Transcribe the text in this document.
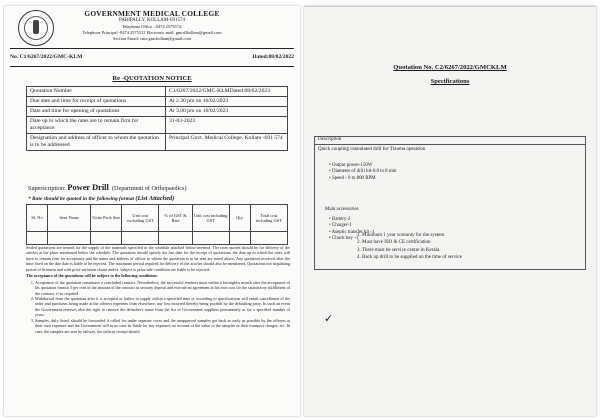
GOVERNMENT MEDICAL COLLEGE
PARIPALLY, KOLLAM-691574
Telephone Office : 0474 2575574,
Telephone Principal -0474 2575312 Electronic mail: gmcdlkollam@gmail.com
Section Email: cme.gmckollam@gmail.com
No. C1/6267/2022/GMC-KLM	Dated:08/02/2022
Re -QUOTATION NOTICE
Quotation Number	C1/6267/2022/GMC-KLMDated:08/02/2023
Due date and time for receipt of quotations	At 2.30 pm on 16/02/2023
Date and time for opening of quotations	At 3.00 pm on 16/02/2023
Date up to which the rates are to remain firm for acceptance	31-03-2023
Designation and address of officer to whom the quotation is to be addressed	Principal Govt. Medical College, Kollam -691 574
Superscription: Power Drill (Department of Orthopaedics)
* Rate should be quoted in the following format (List Attached)
Sl. No	Item Name	Unite Pack Size	Unit cost excluding GST	% of GST & Rate	Unit cost including GST	Qty.	Total cost including GST

Sealed quotations are invited for the supply of the materials specified in the schedule attached below/overleaf. The rates quoted should be for delivery of the articles at the place mentioned below the schedule. The quotation should specify the last date for the receipt of quotations, the date up to which the rates will have to remain firm for acceptance and the name and address of officer to whom the quotation is to be sent are noted above. Any quotation received after the time fixed on the due date is liable to be rejected. The maximum period required for delivery of the articles should also be mentioned. Quotations not stipulating period of firmness and with price variation clause and/or 'subject to prior sale' condition are liable to be rejected.

The acceptance of the quotations will be subject to the following conditions:

1. Acceptance of the quotation constitutes a concluded contract. Nevertheless, the successful tenderer must within a fortnight/a month after the acceptance of his quotation furnish 5 per cent of the amount of the contract as security deposit and execute an agreement at his own cost for the satisfactory fulfillment of the contract, if so required.
2. Withdrawal from the quotation after it is accepted or failure to supply within a specified time or according to specifications will entail cancellation of the order and purchases being made at the offerers expenses from elsewhere, any loss incurred thereby being payable by the defaulting party. In such an event the Government reserves also the right to remove the defaulter's name from the list of Government suppliers permanently or for a specified number of years.
3. Samples, duly listed, should be forwarded if called for under separate cover and the unapproved samples got back as early as possible by the offerers at their own expenses and the Government will in no case be liable for any expenses on account of the value of the samples or their transport charges, etc. In case, the samples are sent by railway, the railway receipt should
Quotation No. C2/6267/2022/GMCKLM
Specifications
Description
Quick coupling cannulated drill for Trauma operation
• Output power-150W
• Diameter of drill bit-0.8 to 8 mm
• Speed - 0 to 800 RPM
Main accessories
• Battery-2
• Charger-1
• Aseptic transfer kit -1
• Chuck key -1
1. Minimum 1 year warranty for the system
2. Must have ISO & CE certification
3. There must be service centre in Kerala
4. Back up drill to be supplied on the time of service
✓
